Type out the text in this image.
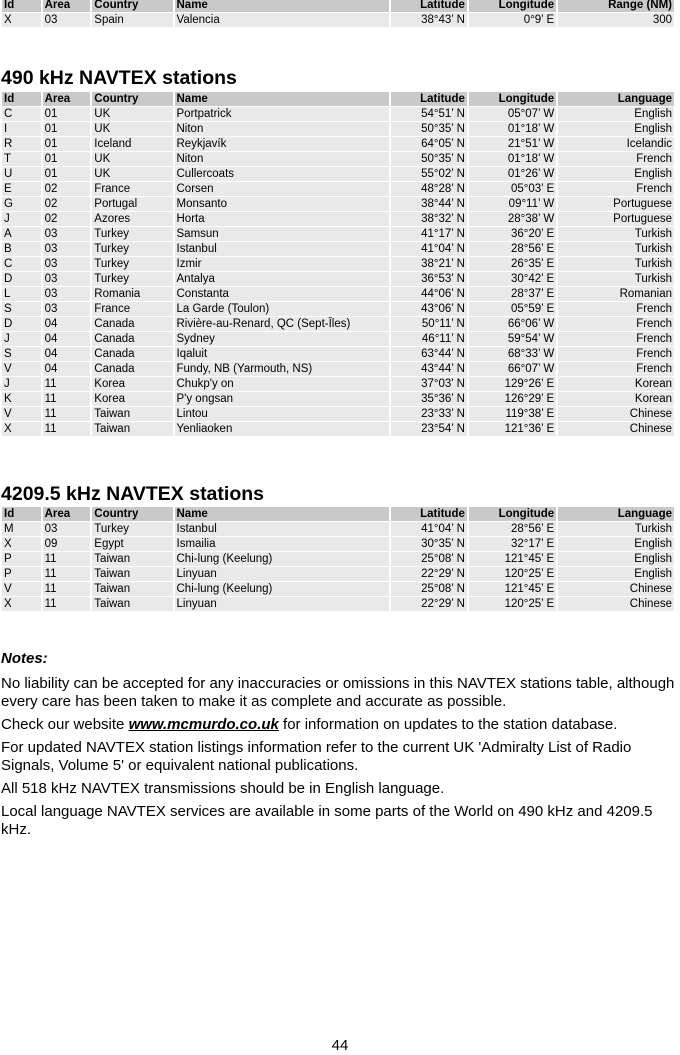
Id	Area	Country	Name	Latitude	Longitude	Range (NM)
X	03	Spain	Valencia	38°43’ N	0°9’ E	300
490 kHz NAVTEX stations
Id	Area	Country	Name	Latitude	Longitude	Language
C	01	UK	Portpatrick	54°51’ N	05°07’ W	English
I	01	UK	Niton	50°35’ N	01°18’ W	English
R	01	Iceland	Reykjavík	64°05’ N	21°51’ W	Icelandic
T	01	UK	Niton	50°35’ N	01°18’ W	French
U	01	UK	Cullercoats	55°02’ N	01°26’ W	English
E	02	France	Corsen	48°28’ N	05°03’ E	French
G	02	Portugal	Monsanto	38°44’ N	09°11’ W	Portuguese
J	02	Azores	Horta	38°32’ N	28°38’ W	Portuguese
A	03	Turkey	Samsun	41°17’ N	36°20’ E	Turkish
B	03	Turkey	Istanbul	41°04’ N	28°56’ E	Turkish
C	03	Turkey	Izmir	38°21’ N	26°35’ E	Turkish
D	03	Turkey	Antalya	36°53’ N	30°42’ E	Turkish
L	03	Romania	Constanta	44°06’ N	28°37’ E	Romanian
S	03	France	La Garde (Toulon)	43°06’ N	05°59’ E	French
D	04	Canada	Rivière-au-Renard, QC (Sept-Îles)	50°11’ N	66°06’ W	French
J	04	Canada	Sydney	46°11’ N	59°54’ W	French
S	04	Canada	Iqaluit	63°44’ N	68°33’ W	French
V	04	Canada	Fundy, NB (Yarmouth, NS)	43°44’ N	66°07’ W	French
J	11	Korea	Chukp'y on	37°03’ N	129°26’ E	Korean
K	11	Korea	P'y ongsan	35°36’ N	126°29’ E	Korean
V	11	Taiwan	Lintou	23°33’ N	119°38’ E	Chinese
X	11	Taiwan	Yenliaoken	23°54’ N	121°36’ E	Chinese
4209.5 kHz NAVTEX stations
Id	Area	Country	Name	Latitude	Longitude	Language
M	03	Turkey	Istanbul	41°04’ N	28°56’ E	Turkish
X	09	Egypt	Ismailia	30°35’ N	32°17’ E	English
P	11	Taiwan	Chi-lung (Keelung)	25°08’ N	121°45’ E	English
P	11	Taiwan	Linyuan	22°29’ N	120°25’ E	English
V	11	Taiwan	Chi-lung (Keelung)	25°08’ N	121°45’ E	Chinese
X	11	Taiwan	Linyuan	22°29’ N	120°25’ E	Chinese
Notes:

No liability can be accepted for any inaccuracies or omissions in this NAVTEX stations table, although every care has been taken to make it as complete and accurate as possible.

Check our website www.mcmurdo.co.uk for information on updates to the station database.

For updated NAVTEX station listings information refer to the current UK 'Admiralty List of Radio Signals, Volume 5' or equivalent national publications.

All 518 kHz NAVTEX transmissions should be in English language.

Local language NAVTEX services are available in some parts of the World on 490 kHz and 4209.5 kHz.

44
